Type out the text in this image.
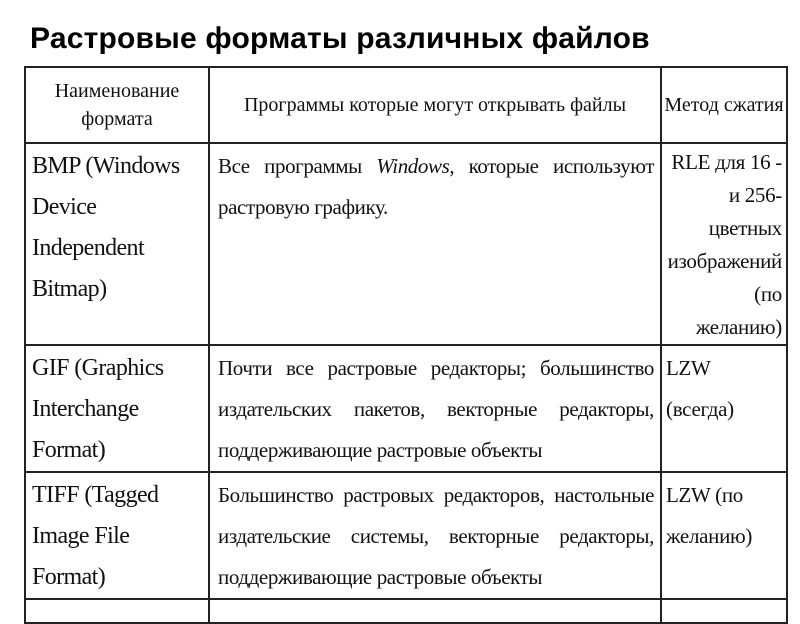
Растровые форматы различных файлов
Наименование формата	Программы которые могут открывать файлы	Метод сжатия
BMP (Windows Device Independent Bitmap)	Все программы Windows, которые используют растровую графику.	RLE для 16 - и 256-цветных изображений (по желанию)
GIF (Graphics Interchange Format)	Почти все растровые редакторы; большинство издательских пакетов, векторные редакторы, поддерживающие растровые объекты	LZW (всегда)
TIFF (Tagged Image File Format)	Большинство растровых редакторов, настольные издательские системы, векторные редакторы, поддерживающие растровые объекты	LZW (по желанию)
